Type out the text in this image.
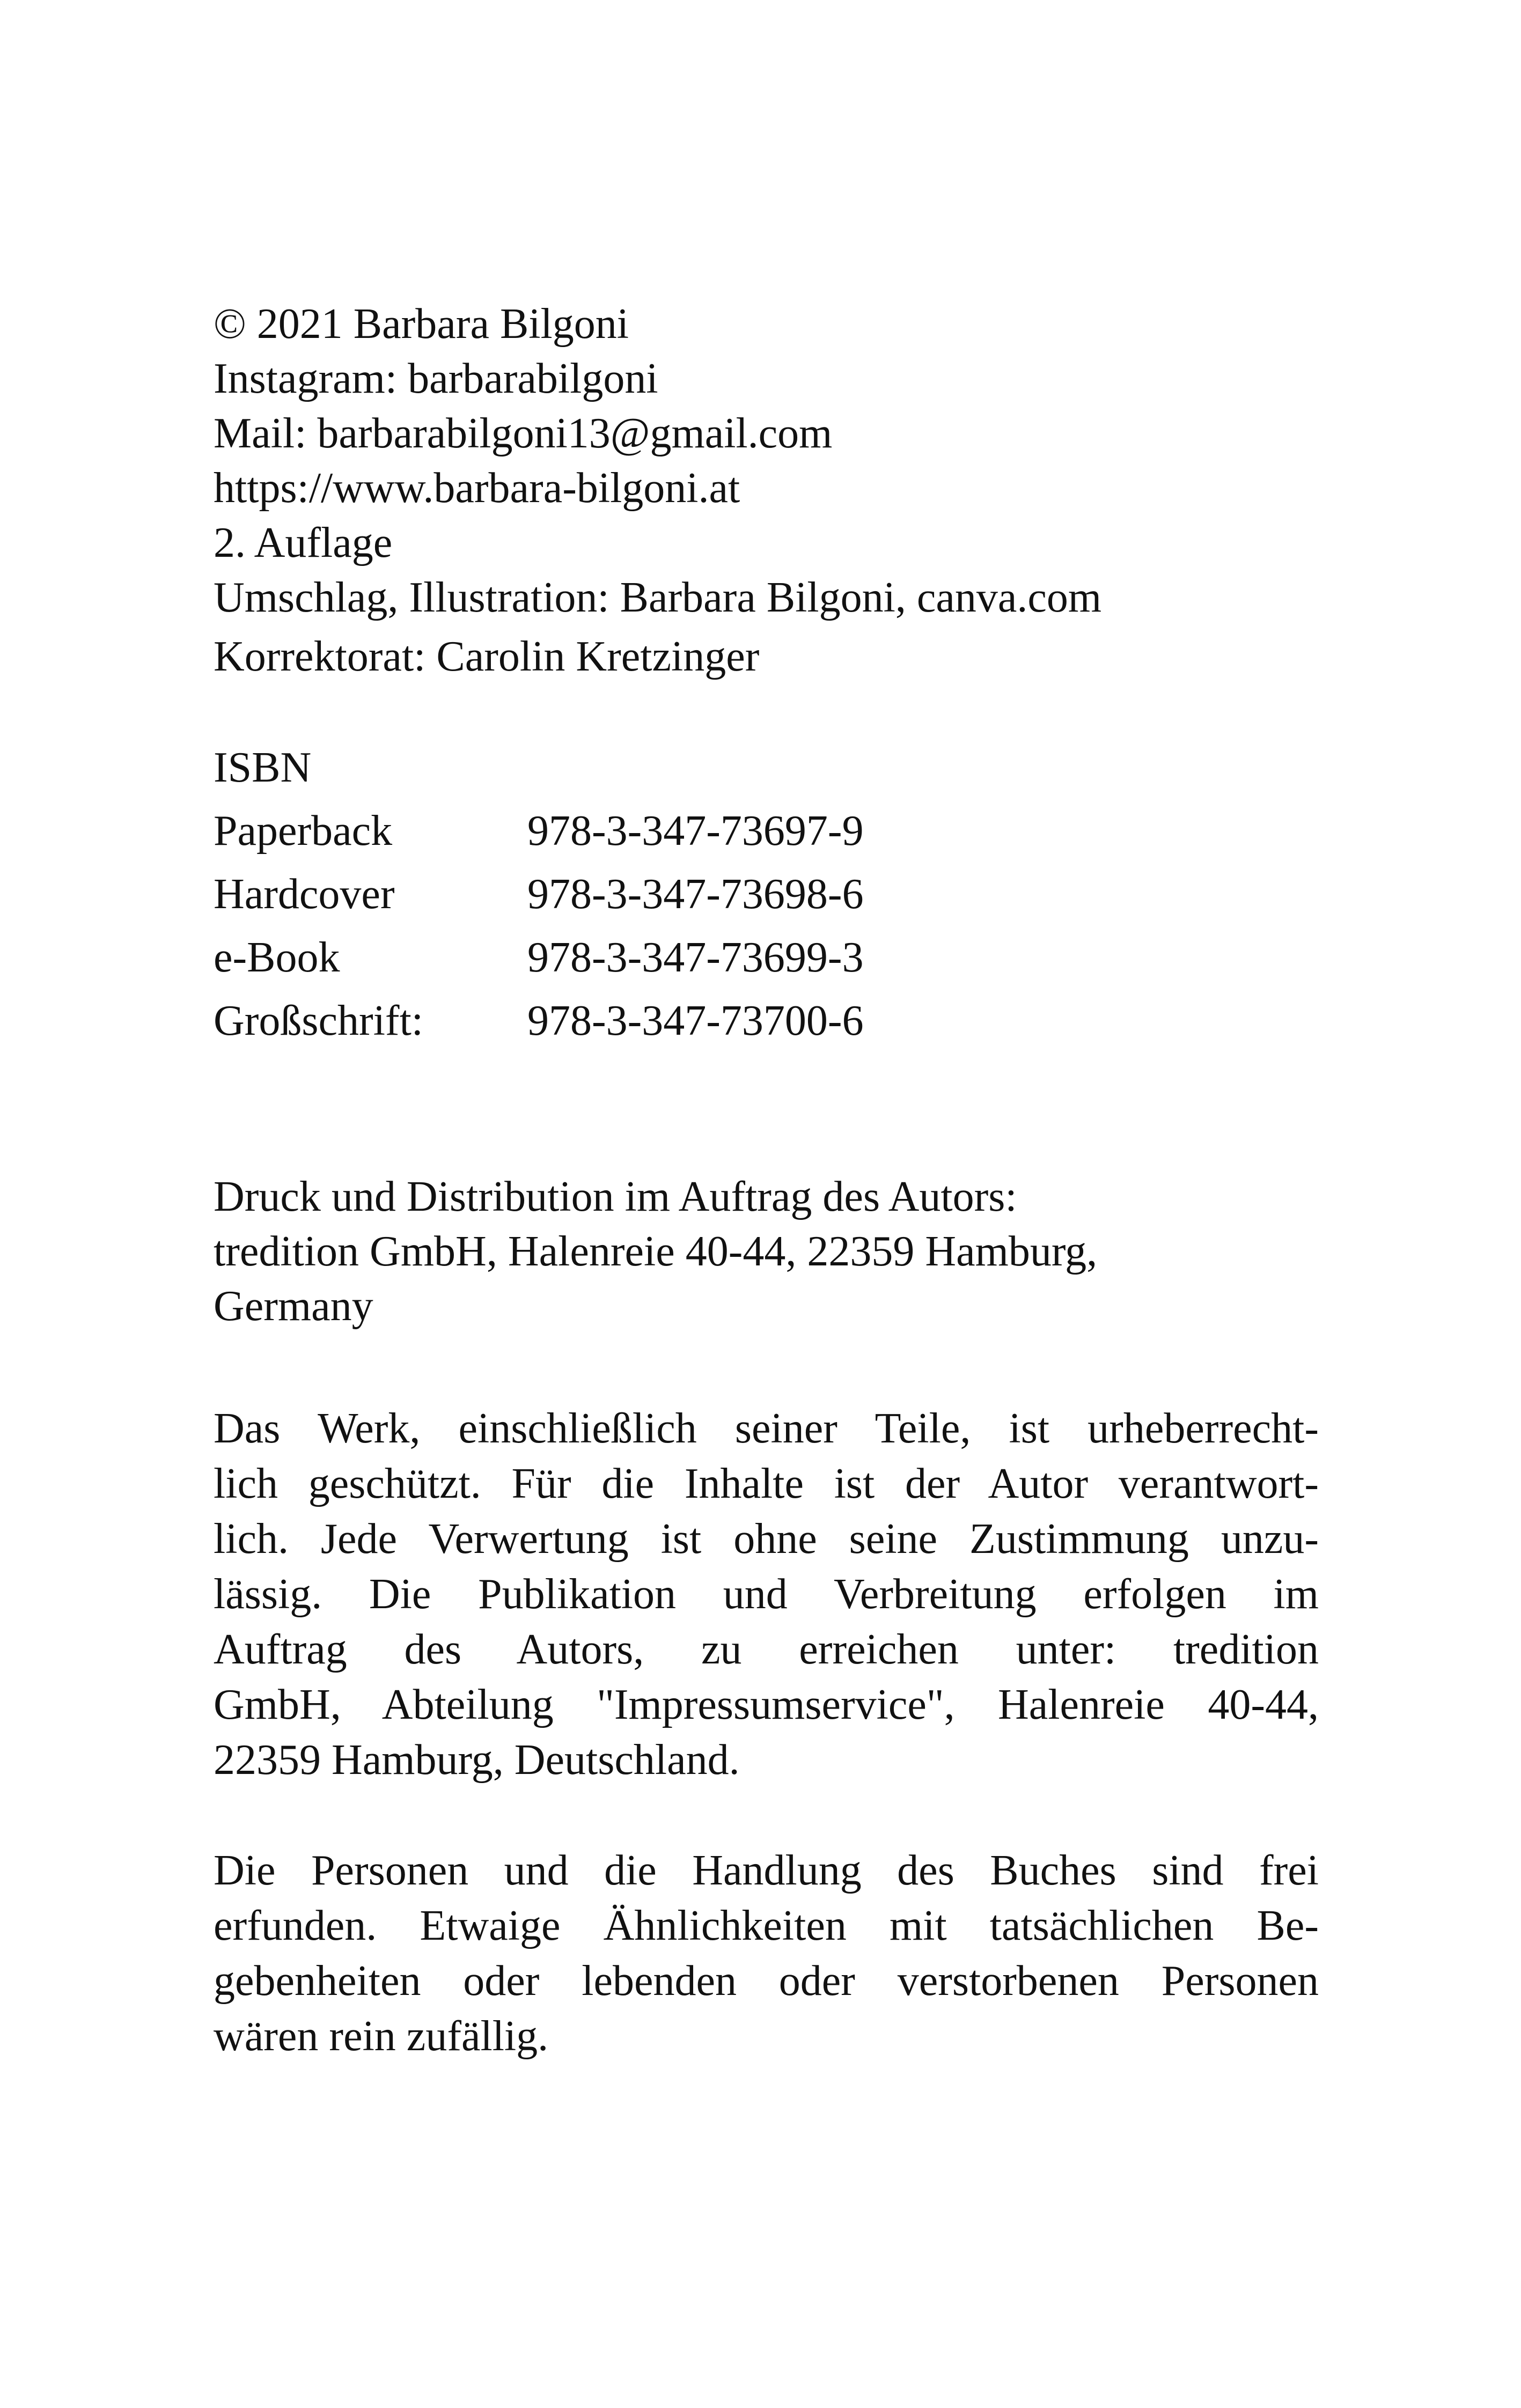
© 2021 Barbara Bilgoni
Instagram: barbarabilgoni
Mail: barbarabilgoni13@gmail.com
https://www.barbara-bilgoni.at
2. Auflage
Umschlag, Illustration: Barbara Bilgoni, canva.com
Korrektorat: Carolin Kretzinger
ISBN
Paperback	978-3-347-73697-9
Hardcover	978-3-347-73698-6
e-Book	978-3-347-73699-3
Großschrift:	978-3-347-73700-6
Druck und Distribution im Auftrag des Autors:
tredition GmbH, Halenreie 40-44, 22359 Hamburg,
Germany
Das Werk, einschließlich seiner Teile, ist urheberrecht-
lich geschützt. Für die Inhalte ist der Autor verantwort-
lich. Jede Verwertung ist ohne seine Zustimmung unzu-
lässig. Die Publikation und Verbreitung erfolgen im
Auftrag des Autors, zu erreichen unter: tredition
GmbH, Abteilung "Impressumservice", Halenreie 40-44,
22359 Hamburg, Deutschland.
Die Personen und die Handlung des Buches sind frei
erfunden. Etwaige Ähnlichkeiten mit tatsächlichen Be-
gebenheiten oder lebenden oder verstorbenen Personen
wären rein zufällig.
